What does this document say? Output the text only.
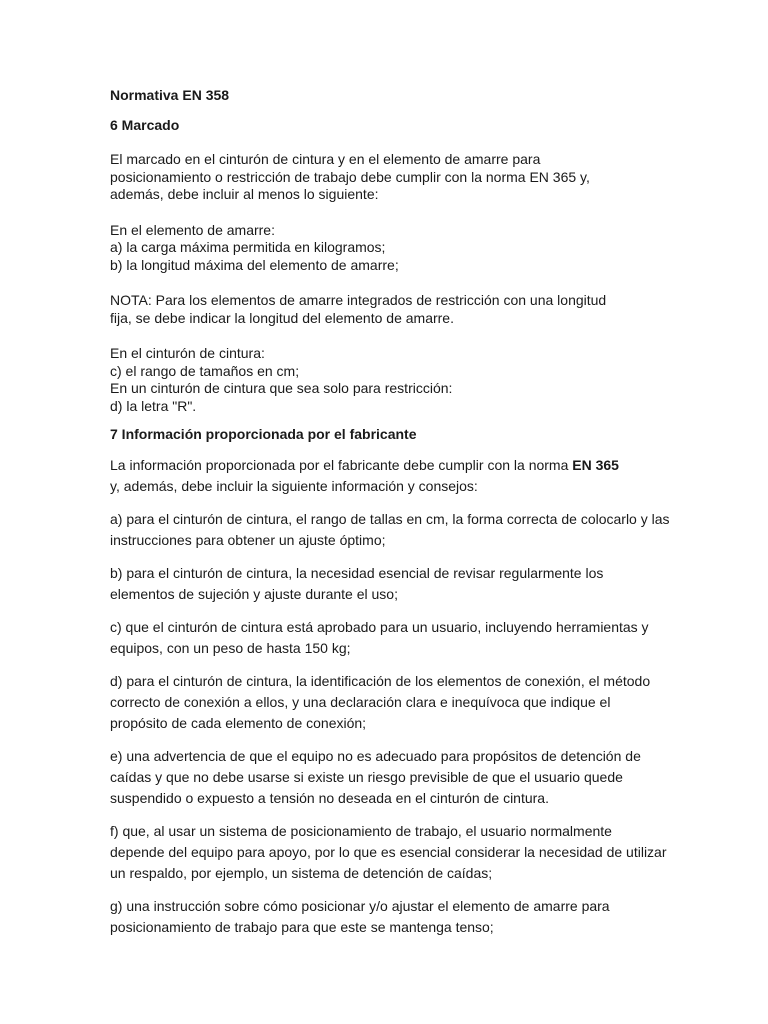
Normativa EN 358

6 Marcado

El marcado en el cinturón de cintura y en el elemento de amarre para
posicionamiento o restricción de trabajo debe cumplir con la norma EN 365 y,
además, debe incluir al menos lo siguiente:

En el elemento de amarre:
a) la carga máxima permitida en kilogramos;
b) la longitud máxima del elemento de amarre;

NOTA: Para los elementos de amarre integrados de restricción con una longitud
fija, se debe indicar la longitud del elemento de amarre.

En el cinturón de cintura:
c) el rango de tamaños en cm;
En un cinturón de cintura que sea solo para restricción:
d) la letra "R".

7 Información proporcionada por el fabricante

La información proporcionada por el fabricante debe cumplir con la norma EN 365
y, además, debe incluir la siguiente información y consejos:

a) para el cinturón de cintura, el rango de tallas en cm, la forma correcta de colocarlo y las instrucciones para obtener un ajuste óptimo;

b) para el cinturón de cintura, la necesidad esencial de revisar regularmente los elementos de sujeción y ajuste durante el uso;

c) que el cinturón de cintura está aprobado para un usuario, incluyendo herramientas y equipos, con un peso de hasta 150 kg;

d) para el cinturón de cintura, la identificación de los elementos de conexión, el método correcto de conexión a ellos, y una declaración clara e inequívoca que indique el propósito de cada elemento de conexión;

e) una advertencia de que el equipo no es adecuado para propósitos de detención de caídas y que no debe usarse si existe un riesgo previsible de que el usuario quede suspendido o expuesto a tensión no deseada en el cinturón de cintura.

f) que, al usar un sistema de posicionamiento de trabajo, el usuario normalmente depende del equipo para apoyo, por lo que es esencial considerar la necesidad de utilizar un respaldo, por ejemplo, un sistema de detención de caídas;

g) una instrucción sobre cómo posicionar y/o ajustar el elemento de amarre para posicionamiento de trabajo para que este se mantenga tenso;
